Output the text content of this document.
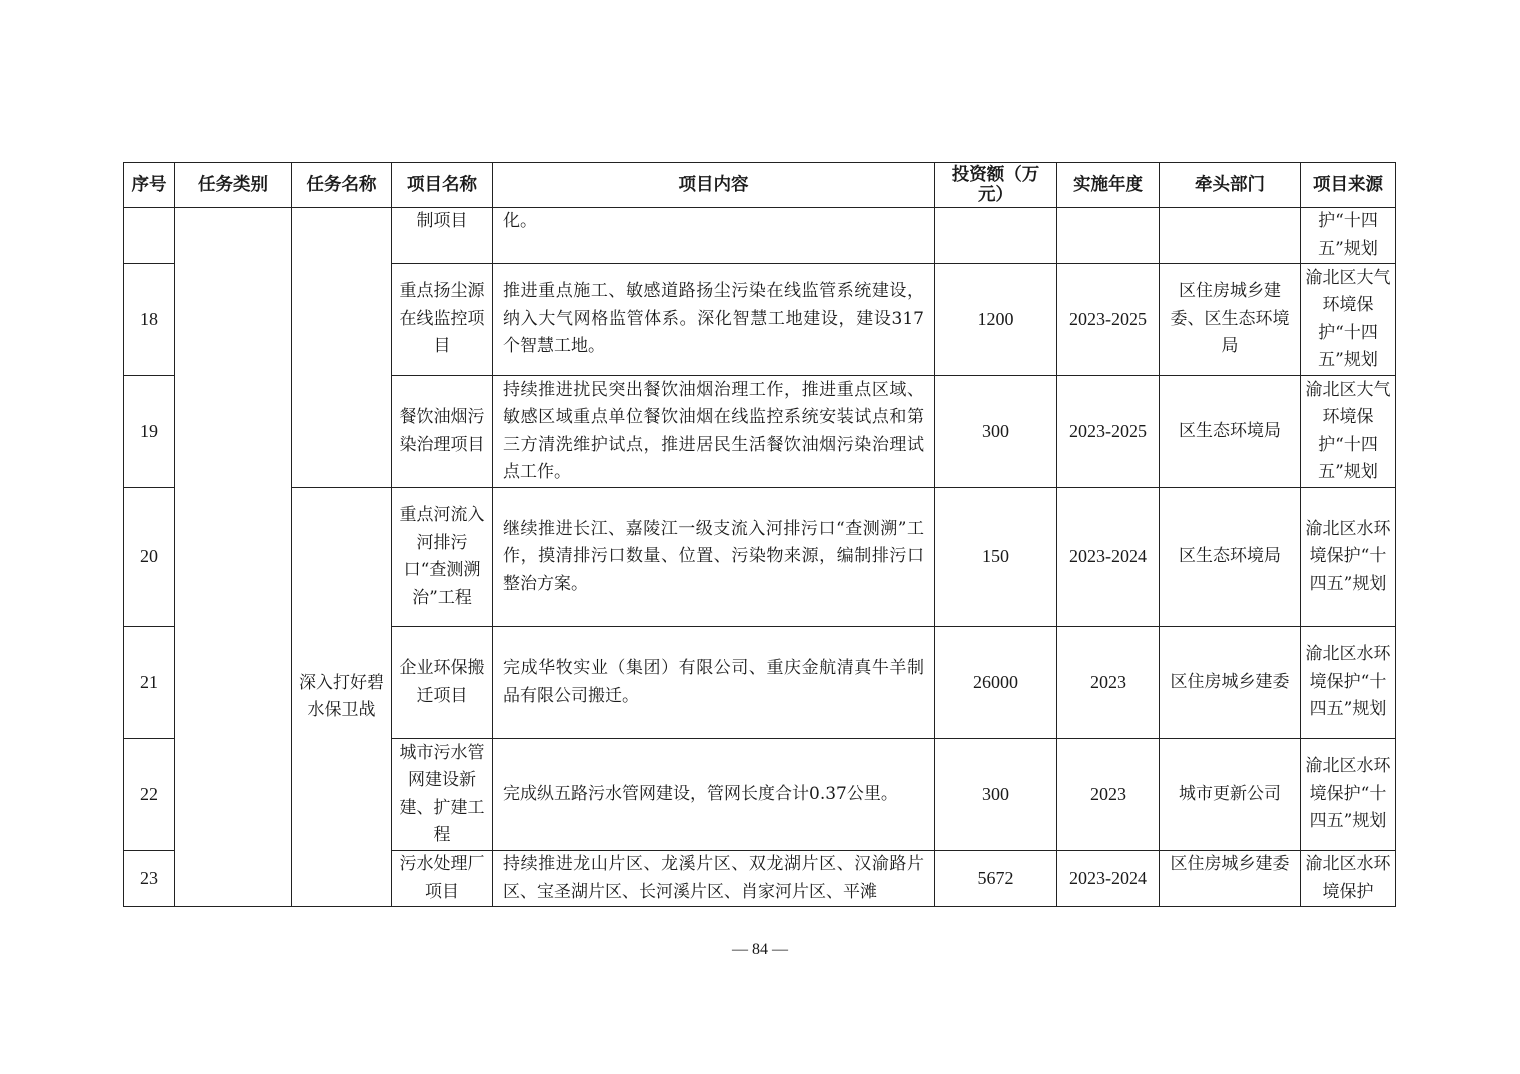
序号	任务类别	任务名称	项目名称	项目内容	投资额（万元）	实施年度	牵头部门	项目来源
			制项目	化。				护“十四五”规划
18			重点扬尘源在线监控项目	推进重点施工、敏感道路扬尘污染在线监管系统建设，纳入大气网格监管体系。深化智慧工地建设，建设317个智慧工地。	1200	2023-2025	区住房城乡建委、区生态环境局	渝北区大气环境保护“十四五”规划
19			餐饮油烟污染治理项目	持续推进扰民突出餐饮油烟治理工作，推进重点区域、敏感区域重点单位餐饮油烟在线监控系统安装试点和第三方清洗维护试点，推进居民生活餐饮油烟污染治理试点工作。	300	2023-2025	区生态环境局	渝北区大气环境保护“十四五”规划
20		深入打好碧水保卫战	重点河流入河排污口“查测溯治”工程	继续推进长江、嘉陵江一级支流入河排污口“查测溯”工作，摸清排污口数量、位置、污染物来源，编制排污口整治方案。	150	2023-2024	区生态环境局	渝北区水环境保护“十四五”规划
21			企业环保搬迁项目	完成华牧实业（集团）有限公司、重庆金航清真牛羊制品有限公司搬迁。	26000	2023	区住房城乡建委	渝北区水环境保护“十四五”规划
22			城市污水管网建设新建、扩建工程	完成纵五路污水管网建设，管网长度合计0.37公里。	300	2023	城市更新公司	渝北区水环境保护“十四五”规划
23			污水处理厂项目	持续推进龙山片区、龙溪片区、双龙湖片区、汉渝路片区、宝圣湖片区、长河溪片区、肖家河片区、平滩	5672	2023-2024	区住房城乡建委	渝北区水环境保护
— 84 —
